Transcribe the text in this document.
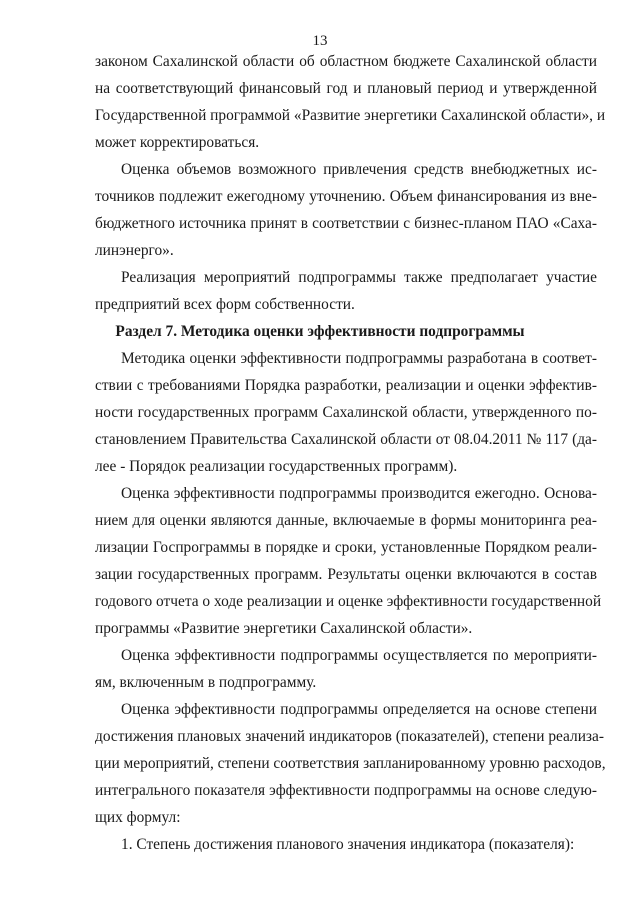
13
законом Сахалинской области об областном бюджете Сахалинской области
на соответствующий финансовый год и плановый период и утвержденной
Государственной программой «Развитие энергетики Сахалинской области», и
может корректироваться.
Оценка объемов возможного привлечения средств внебюджетных ис-
точников подлежит ежегодному уточнению. Объем финансирования из вне-
бюджетного источника принят в соответствии с бизнес-планом ПАО «Саха-
линэнерго».
Реализация мероприятий подпрограммы также предполагает участие
предприятий всех форм собственности.
Раздел 7. Методика оценки эффективности подпрограммы
Методика оценки эффективности подпрограммы разработана в соответ-
ствии с требованиями Порядка разработки, реализации и оценки эффектив-
ности государственных программ Сахалинской области, утвержденного по-
становлением Правительства Сахалинской области от 08.04.2011 № 117 (да-
лее - Порядок реализации государственных программ).
Оценка эффективности подпрограммы производится ежегодно. Основа-
нием для оценки являются данные, включаемые в формы мониторинга реа-
лизации Госпрограммы в порядке и сроки, установленные Порядком реали-
зации государственных программ. Результаты оценки включаются в состав
годового отчета о ходе реализации и оценке эффективности государственной
программы «Развитие энергетики Сахалинской области».
Оценка эффективности подпрограммы осуществляется по мероприяти-
ям, включенным в подпрограмму.
Оценка эффективности подпрограммы определяется на основе степени
достижения плановых значений индикаторов (показателей), степени реализа-
ции мероприятий, степени соответствия запланированному уровню расходов,
интегрального показателя эффективности подпрограммы на основе следую-
щих формул:
1. Степень достижения планового значения индикатора (показателя):
